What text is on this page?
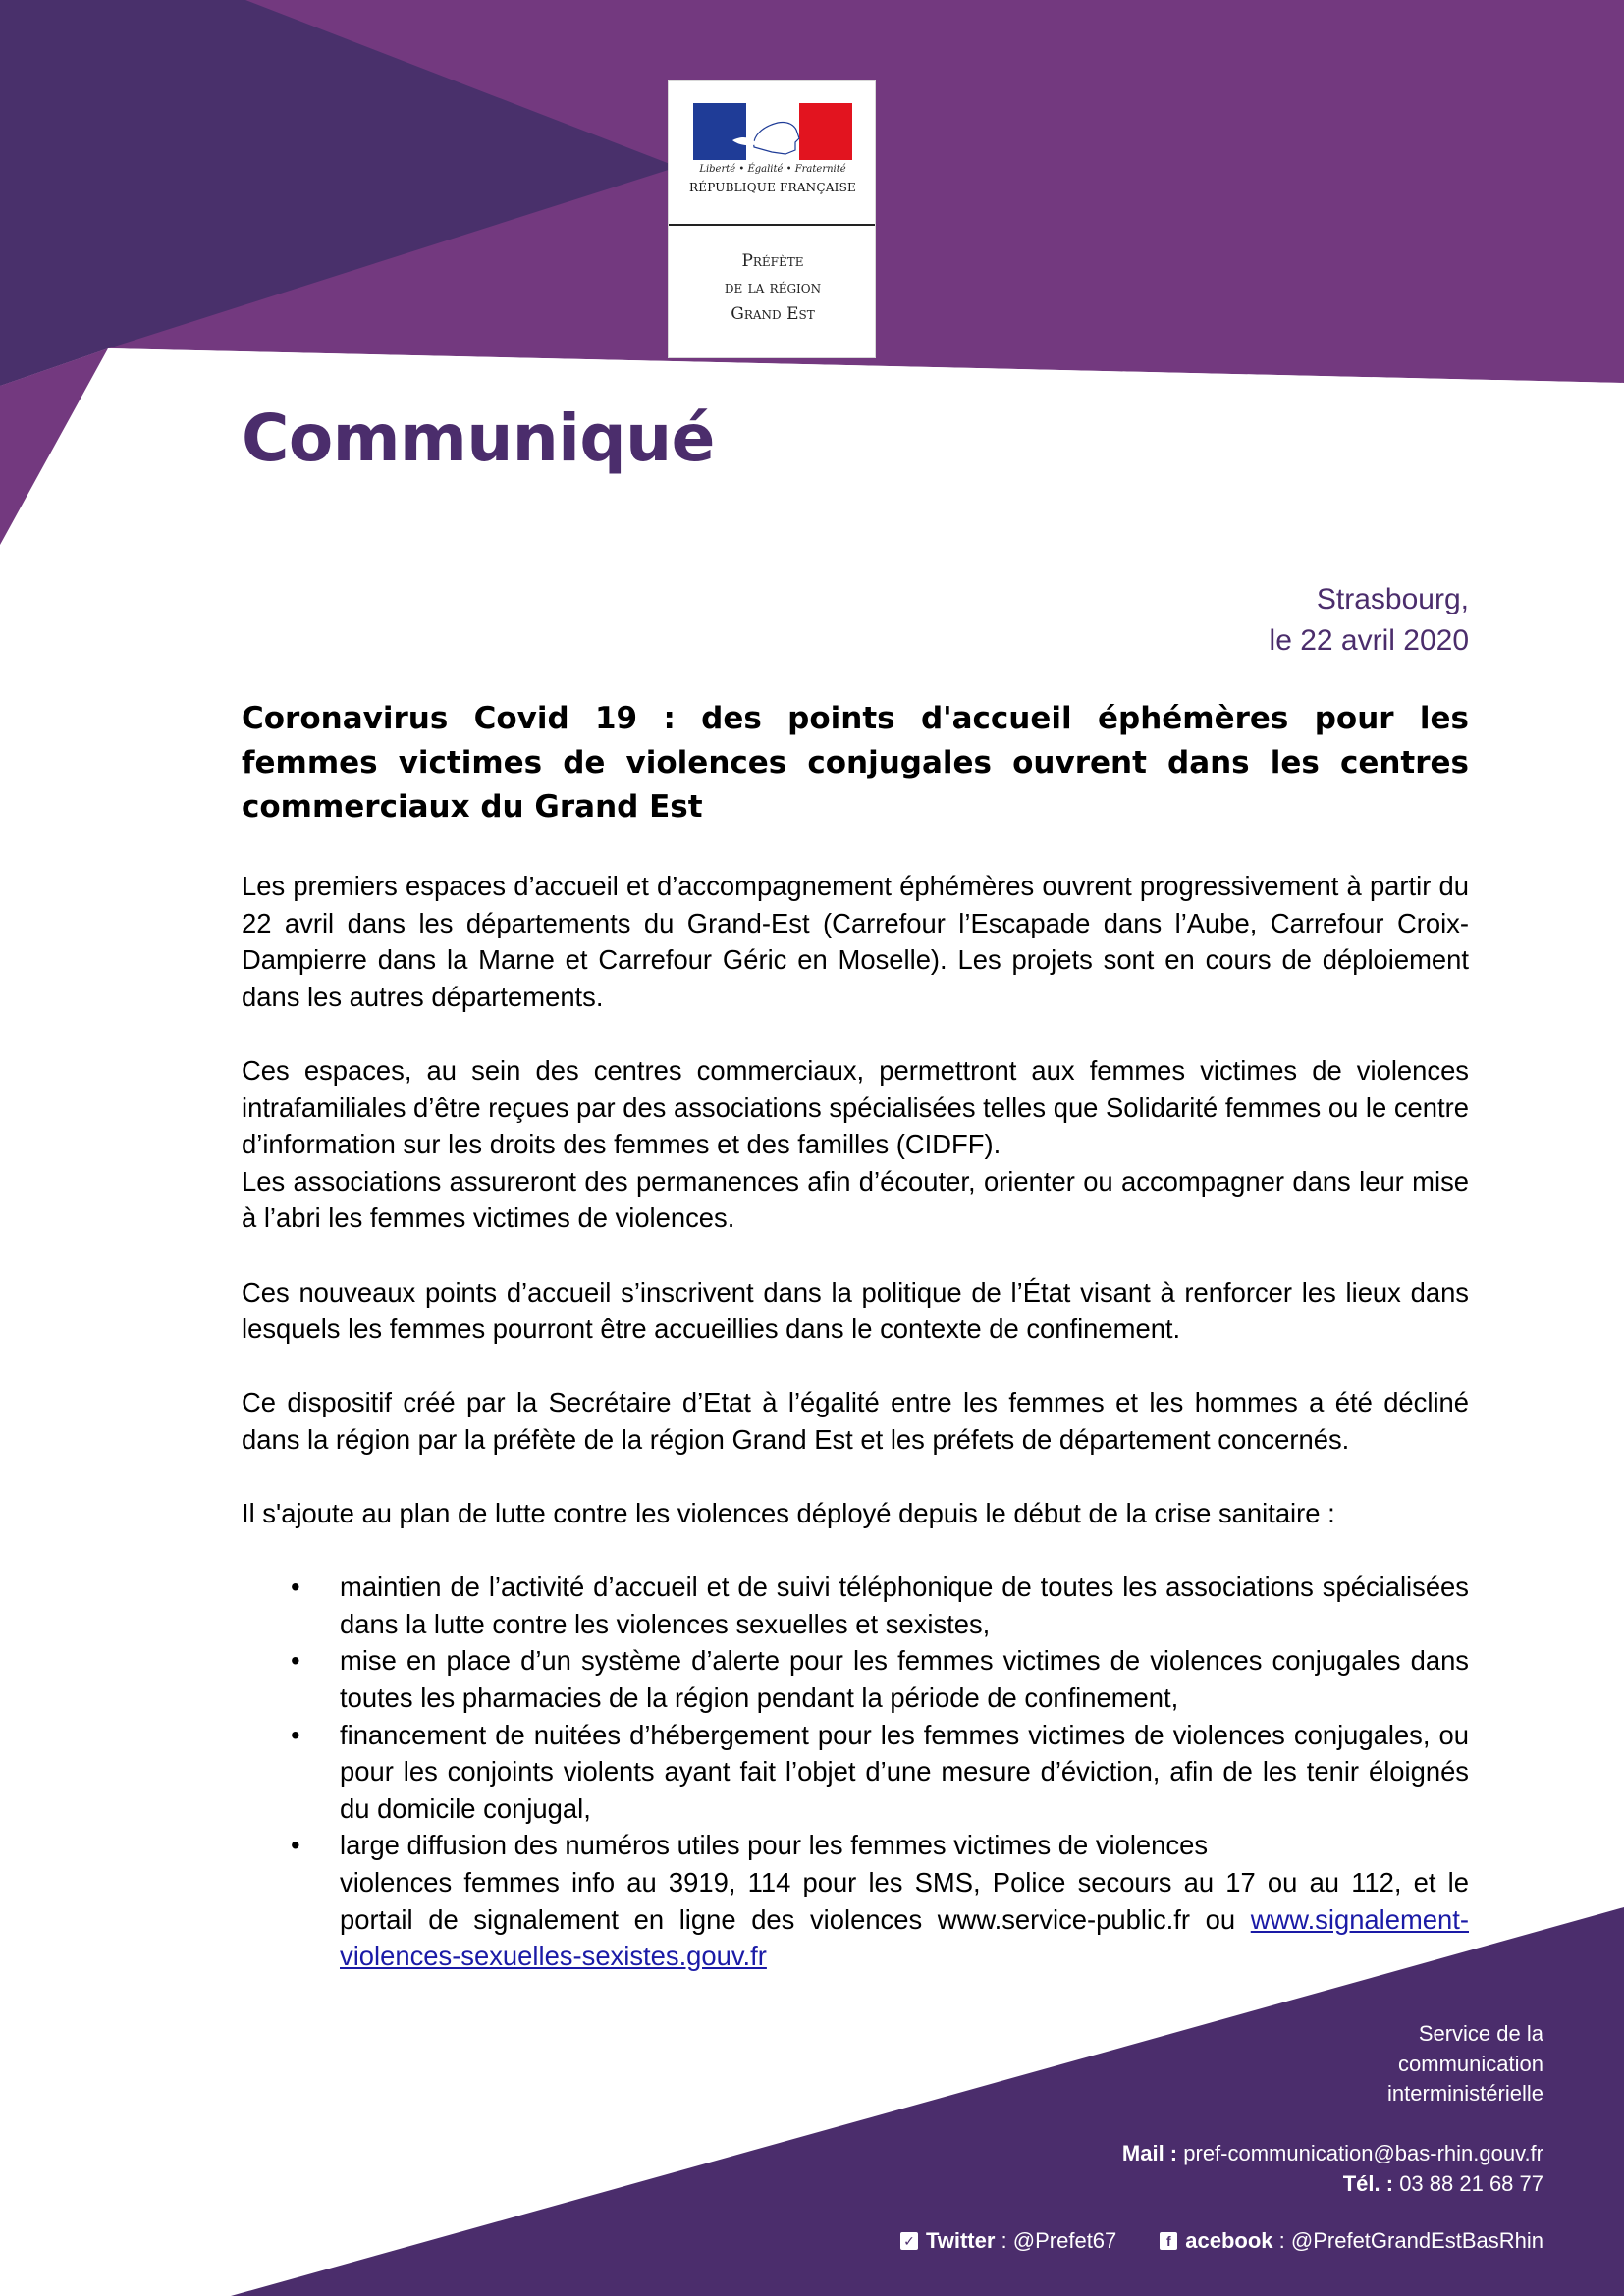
Liberté • Égalité • Fraternité
RÉPUBLIQUE FRANÇAISE
Préfète
de la région
Grand Est
Communiqué
Strasbourg,
le 22 avril 2020
Coronavirus Covid 19 : des points d'accueil éphémères pour les femmes victimes de violences conjugales ouvrent dans les centres commerciaux du Grand Est

Les premiers espaces d’accueil et d’accompagnement éphémères ouvrent progressivement à partir du 22 avril dans les départements du Grand-Est (Carrefour l’Escapade dans l’Aube, Carrefour Croix-Dampierre dans la Marne et Carrefour Géric en Moselle). Les projets sont en cours de déploiement dans les autres départements.

Ces espaces, au sein des centres commerciaux, permettront aux femmes victimes de violences intrafamiliales d’être reçues par des associations spécialisées telles que Solidarité femmes ou le centre d’information sur les droits des femmes et des familles (CIDFF).

Les associations assureront des permanences afin d’écouter, orienter ou accompagner dans leur mise à l’abri les femmes victimes de violences.

Ces nouveaux points d’accueil s’inscrivent dans la politique de l’État visant à renforcer les lieux dans lesquels les femmes pourront être accueillies dans le contexte de confinement.

Ce dispositif créé par la Secrétaire d’Etat à l’égalité entre les femmes et les hommes a été décliné dans la région par la préfète de la région Grand Est et les préfets de département concernés.

Il s'ajoute au plan de lutte contre les violences déployé depuis le début de la crise sanitaire :

• maintien de l’activité d’accueil et de suivi téléphonique de toutes les associations spécialisées dans la lutte contre les violences sexuelles et sexistes,
• mise en place d’un système d’alerte pour les femmes victimes de violences conjugales dans toutes les pharmacies de la région pendant la période de confinement,
• financement de nuitées d’hébergement pour les femmes victimes de violences conjugales, ou pour les conjoints violents ayant fait l’objet d’une mesure d’éviction, afin de les tenir éloignés du domicile conjugal,
• large diffusion des numéros utiles pour les femmes victimes de violences
violences femmes info au 3919, 114 pour les SMS, Police secours au 17 ou au 112, et le portail de signalement en ligne des violences www.service-public.fr ou www.signalement-violences-sexuelles-sexistes.gouv.fr
Service de la
communication
interministérielle
Mail : pref-communication@bas-rhin.gouv.fr
Tél. : 03 88 21 68 77
✓ Twitter : @Prefet67	f acebook : @PrefetGrandEstBasRhin
